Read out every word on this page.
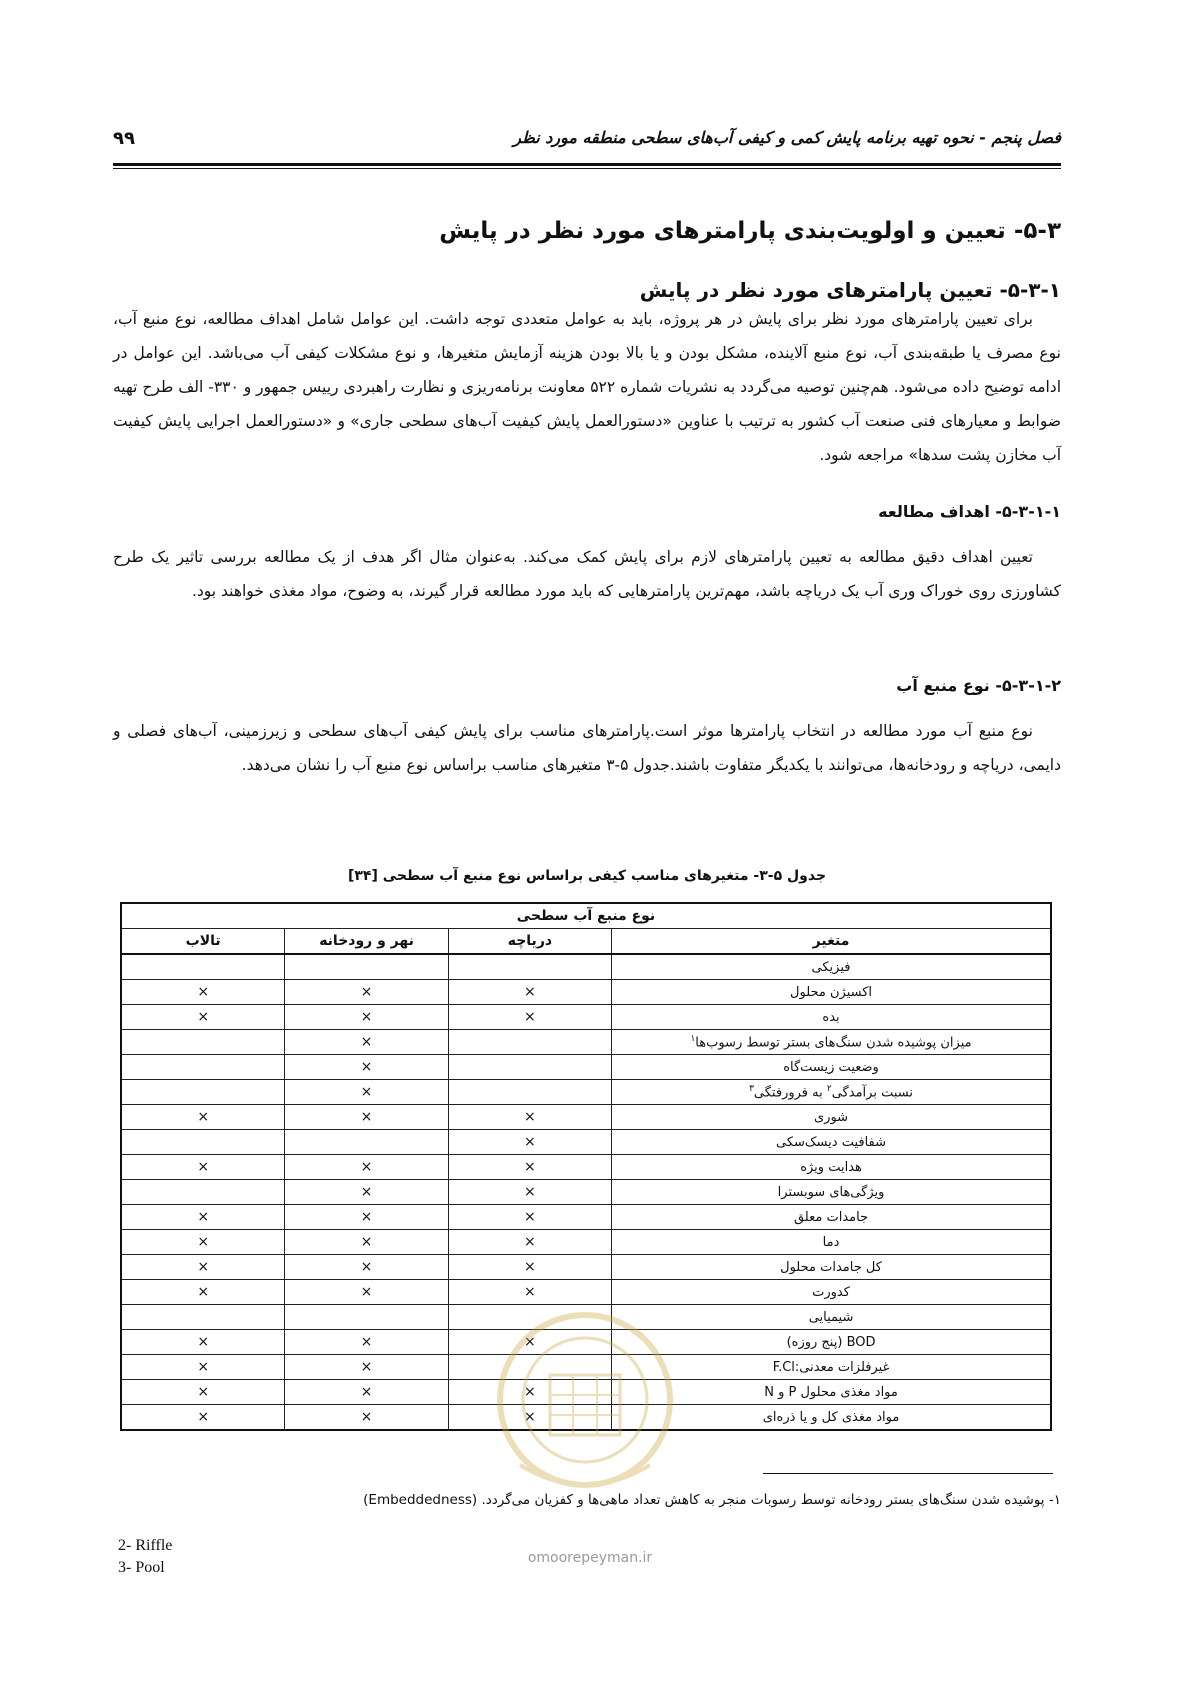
فصل پنجم - نحوه تهیه برنامه پایش کمی و کیفی آب‌های سطحی منطقه مورد نظر
۹۹
۵-۳- تعیین و اولویت‌بندی پارامترهای مورد نظر در پایش
۵-۳-۱- تعیین پارامترهای مورد نظر در پایش
برای تعیین پارامترهای مورد نظر برای پایش در هر پروژه، باید به عوامل متعددی توجه داشت. این عوامل شامل اهداف مطالعه، نوع منبع آب، نوع مصرف یا طبقه‌بندی آب، نوع منبع آلاینده، مشکل بودن و یا بالا بودن هزینه آزمایش متغیرها، و نوع مشکلات کیفی آب می‌باشد. این عوامل در ادامه توضیح داده می‌شود. هم‌چنین توصیه می‌گردد به نشریات شماره ۵۲۲ معاونت برنامه‌ریزی و نظارت راهبردی رییس جمهور و ۳۳۰- الف طرح تهیه ضوابط و معیارهای فنی صنعت آب کشور به ترتیب با عناوین «دستورالعمل پایش کیفیت آب‌های سطحی جاری» و «دستورالعمل اجرایی پایش کیفیت آب مخازن پشت سدها» مراجعه شود.
۵-۳-۱-۱- اهداف مطالعه
تعیین اهداف دقیق مطالعه به تعیین پارامترهای لازم برای پایش کمک می‌کند. به‌عنوان مثال اگر هدف از یک مطالعه بررسی تاثیر یک طرح کشاورزی روی خوراک وری آب یک دریاچه باشد، مهم‌ترین پارامترهایی که باید مورد مطالعه قرار گیرند، به وضوح، مواد مغذی خواهند بود.
۵-۳-۱-۲- نوع منبع آب
نوع منبع آب مورد مطالعه در انتخاب پارامترها موثر است.پارامترهای مناسب برای پایش کیفی آب‌های سطحی و زیرزمینی، آب‌های فصلی و دایمی، دریاچه و رودخانه‌ها، می‌توانند با یکدیگر متفاوت باشند.جدول ۵-۳ متغیرهای مناسب براساس نوع منبع آب را نشان می‌دهد.
جدول ۵-۳- متغیرهای مناسب کیفی براساس نوع منبع آب سطحی [۳۴]
نوع منبع آب سطحی			
متغیر	دریاچه	نهر و رودخانه	تالاب
فیزیکی			
اکسیژن محلول	×	×	×
بده	×	×	×
میزان پوشیده شدن سنگ‌های بستر توسط رسوب‌ها$^۱$		×	
وضعیت زیست‌گاه		×	
نسبت برآمدگی$^۲$ به فرورفتگی$^۳$		×	
شوری	×	×	×
شفافیت دیسک‌سکی	×		
هدایت ویژه	×	×	×
ویژگی‌های سوبسترا	×	×	
جامدات معلق	×	×	×
دما	×	×	×
کل جامدات محلول	×	×	×
کدورت	×	×	×
شیمیایی			
BOD (پنج روزه)	×	×	×
غیرفلزات معدنی:F.Cl		×	×
مواد مغذی محلول P و N	×	×	×
مواد مغذی کل و یا ذره‌ای	×	×	×
۱- پوشیده شدن سنگ‌های بستر رودخانه توسط رسوبات منجر به کاهش تعداد ماهی‌ها و کفزیان می‌گردد. (Embeddedness)
2- Riffle
3- Pool
omoorepeyman.ir
